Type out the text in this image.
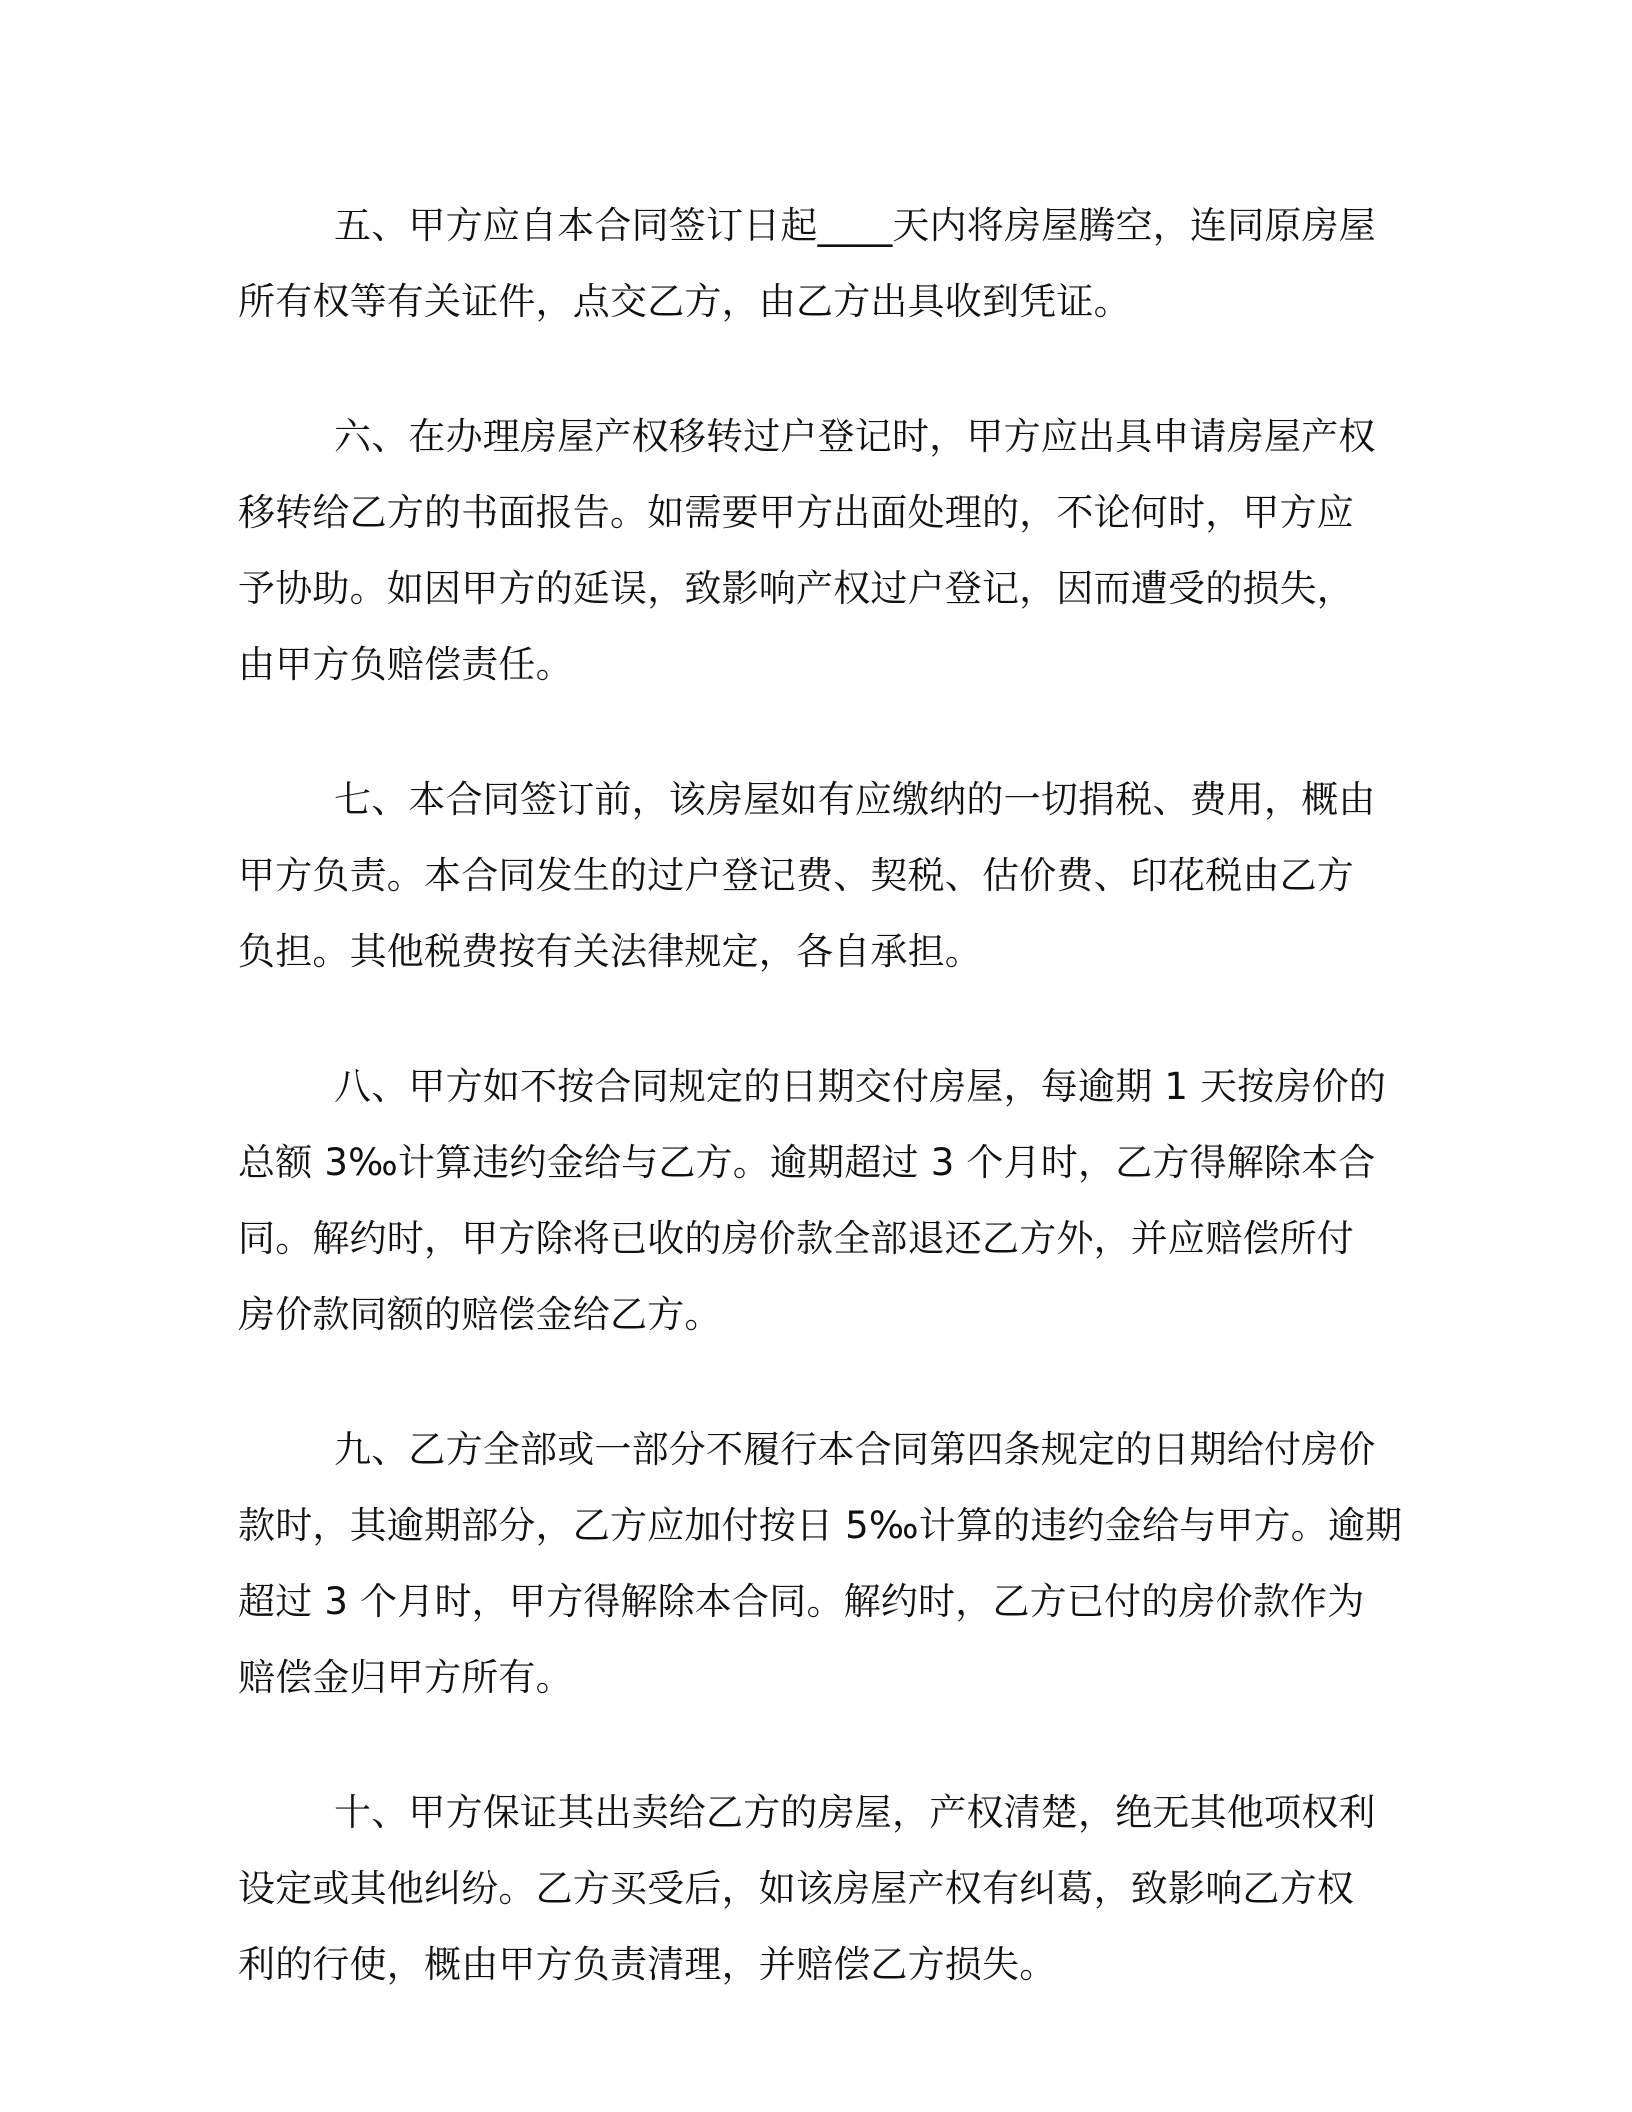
五、甲方应自本合同签订日起____天内将房屋腾空，连同原房屋
所有权等有关证件，点交乙方，由乙方出具收到凭证。
六、在办理房屋产权移转过户登记时，甲方应出具申请房屋产权
移转给乙方的书面报告。如需要甲方出面处理的，不论何时，甲方应
予协助。如因甲方的延误，致影响产权过户登记，因而遭受的损失，
由甲方负赔偿责任。
七、本合同签订前，该房屋如有应缴纳的一切捐税、费用，概由
甲方负责。本合同发生的过户登记费、契税、估价费、印花税由乙方
负担。其他税费按有关法律规定，各自承担。
八、甲方如不按合同规定的日期交付房屋，每逾期 1 天按房价的
总额 3‰计算违约金给与乙方。逾期超过 3 个月时，乙方得解除本合
同。解约时，甲方除将已收的房价款全部退还乙方外，并应赔偿所付
房价款同额的赔偿金给乙方。
九、乙方全部或一部分不履行本合同第四条规定的日期给付房价
款时，其逾期部分，乙方应加付按日 5‰计算的违约金给与甲方。逾期
超过 3 个月时，甲方得解除本合同。解约时，乙方已付的房价款作为
赔偿金归甲方所有。
十、甲方保证其出卖给乙方的房屋，产权清楚，绝无其他项权利
设定或其他纠纷。乙方买受后，如该房屋产权有纠葛，致影响乙方权
利的行使，概由甲方负责清理，并赔偿乙方损失。
